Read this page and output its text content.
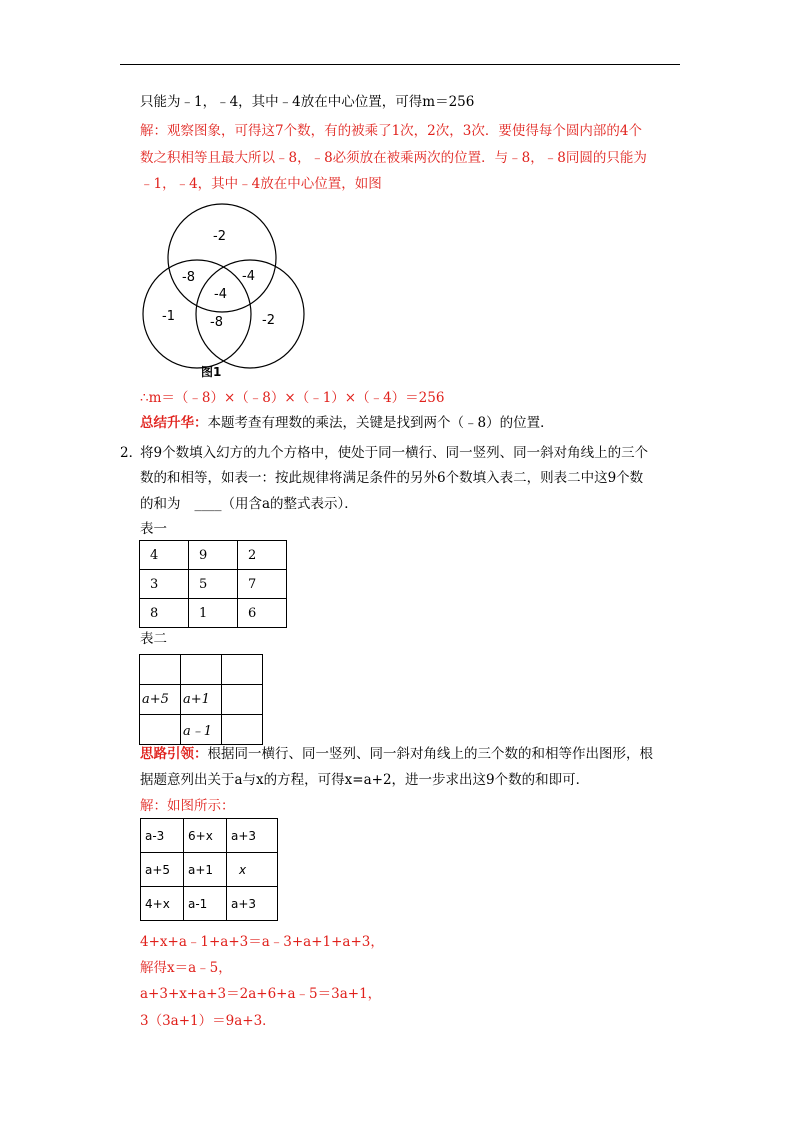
只能为﹣1，﹣4，其中﹣4放在中心位置，可得m＝256
解：观察图象，可得这7个数，有的被乘了1次，2次，3次．要使得每个圆内部的4个
数之积相等且最大所以﹣8，﹣8必须放在被乘两次的位置．与﹣8，﹣8同圆的只能为
﹣1，﹣4，其中﹣4放在中心位置，如图
-2
-8	-4
-4
-1	-8	-2
图1
∴m＝（﹣8）×（﹣8）×（﹣1）×（﹣4）＝256
总结升华：本题考查有理数的乘法，关键是找到两个（﹣8）的位置．
2．
将9个数填入幻方的九个方格中，使处于同一横行、同一竖列、同一斜对角线上的三个
数的和相等，如表一：按此规律将满足条件的另外6个数填入表二，则表二中这9个数
的和为 ____（用含a的整式表示）．
表一
4	9	2
3	5	7
8	1	6
表二

a+5	a+1	
	a﹣1	
思路引领：根据同一横行、同一竖列、同一斜对角线上的三个数的和相等作出图形，根
据题意列出关于a与x的方程，可得x=a+2，进一步求出这9个数的和即可．
解：如图所示：
a-3	6+x	a+3
a+5	a+1	x
4+x	a-1	a+3
4+x+a﹣1+a+3＝a﹣3+a+1+a+3，
解得x＝a﹣5，
a+3+x+a+3＝2a+6+a﹣5＝3a+1，
3（3a+1）＝9a+3．
